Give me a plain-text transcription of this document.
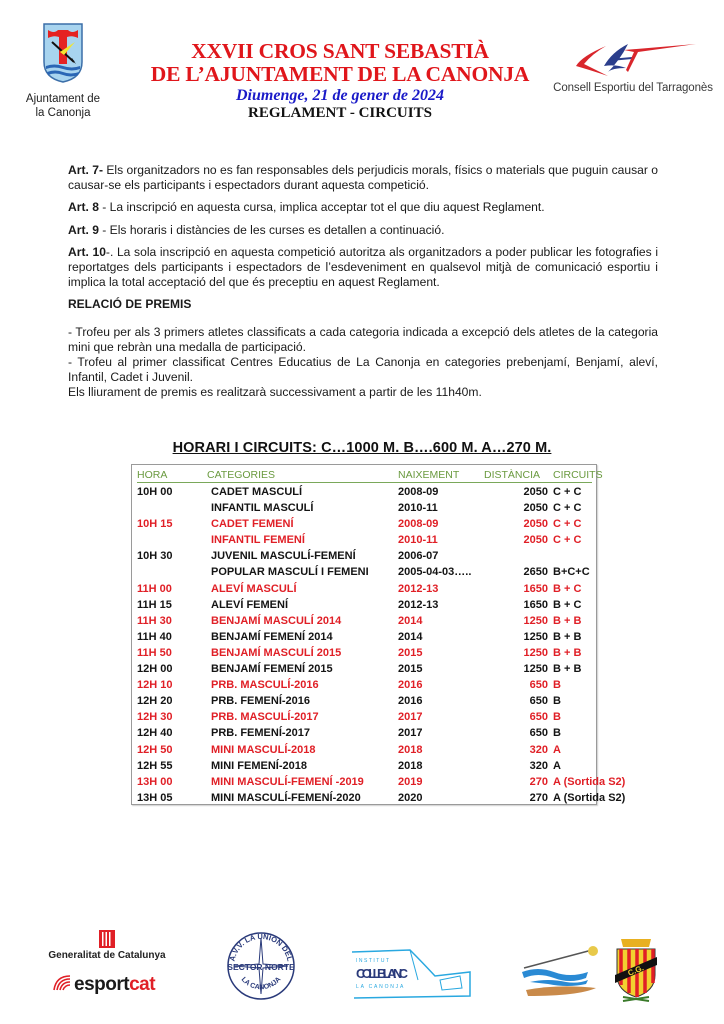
Ajuntament de
la Canonja
XXVII CROS SANT SEBASTIÀ
DE L’AJUNTAMENT DE LA CANONJA
Diumenge, 21 de gener de 2024
REGLAMENT - CIRCUITS
Consell Esportiu del Tarragonès

Art. 7- Els organitzadors no es fan responsables dels perjudicis morals, físics o materials que puguin causar o causar-se els participants i espectadors durant aquesta competició.

Art. 8 - La inscripció en aquesta cursa, implica acceptar tot el que diu aquest Reglament.

Art. 9 - Els horaris i distàncies de les curses es detallen a continuació.

Art. 10-. La sola inscripció en aquesta competició autoritza als organitzadors a poder publicar les fotografies i reportatges dels participants i espectadors de l’esdeveniment en qualsevol mitjà de comunicació esportiu i implica la total acceptació del que és preceptiu en aquest Reglament.

RELACIÓ DE PREMIS
- Trofeu per als 3 primers atletes classificats a cada categoria indicada a excepció dels atletes de la categoria mini que rebràn una medalla de participació.
- Trofeu al primer classificat Centres Educatius de La Canonja en categories prebenjamí, Benjamí, aleví, Infantil, Cadet i Juvenil.
Els lliurament de premis es realitzarà successivament a partir de les 11h40m.
HORARI I CIRCUITS: C…1000 M. B….600 M. A…270 M.
HORA	CATEGORIES	NAIXEMENT DISTÀNCIA	CIRCUITS
10H 00	CADET MASCULÍ	2008-09	2050 C + C
INFANTIL MASCULÍ	2010-11	2050 C + C
10H 15	CADET FEMENÍ	2008-09	2050 C + C
INFANTIL FEMENÍ	2010-11	2050 C + C
10H 30	JUVENIL MASCULÍ-FEMENÍ	2006-07
POPULAR MASCULÍ I FEMENI	2005-04-03…..	2650 B+C+C
11H 00	ALEVÍ MASCULÍ	2012-13	1650 B + C
11H 15	ALEVÍ FEMENÍ	2012-13	1650 B + C
11H 30	BENJAMÍ MASCULÍ 2014	2014	1250 B + B
11H 40	BENJAMÍ FEMENÍ 2014	2014	1250 B + B
11H 50	BENJAMÍ MASCULÍ 2015	2015	1250 B + B
12H 00	BENJAMÍ FEMENÍ 2015	2015	1250 B + B
12H 10	PRB. MASCULÍ-2016	2016	650 B
12H 20	PRB. FEMENÍ-2016	2016	650 B
12H 30	PRB. MASCULÍ-2017	2017	650 B
12H 40	PRB. FEMENÍ-2017	2017	650 B
12H 50	MINI MASCULÍ-2018	2018	320 A
12H 55	MINI FEMENÍ-2018	2018	320 A
13H 00	MINI MASCULÍ-FEMENÍ -2019	2019	270 A (Sortida S2)
13H 05	MINI MASCULÍ-FEMENÍ-2020	2020	270 A (Sortida S2)
Generalitat de Catalunya
esportcat
A.V.V. LA UNION DEL
SECTOR NORTE
LA CANONJA
INSTITUT
COLLBLANC
LA CANONJA
C.G.
